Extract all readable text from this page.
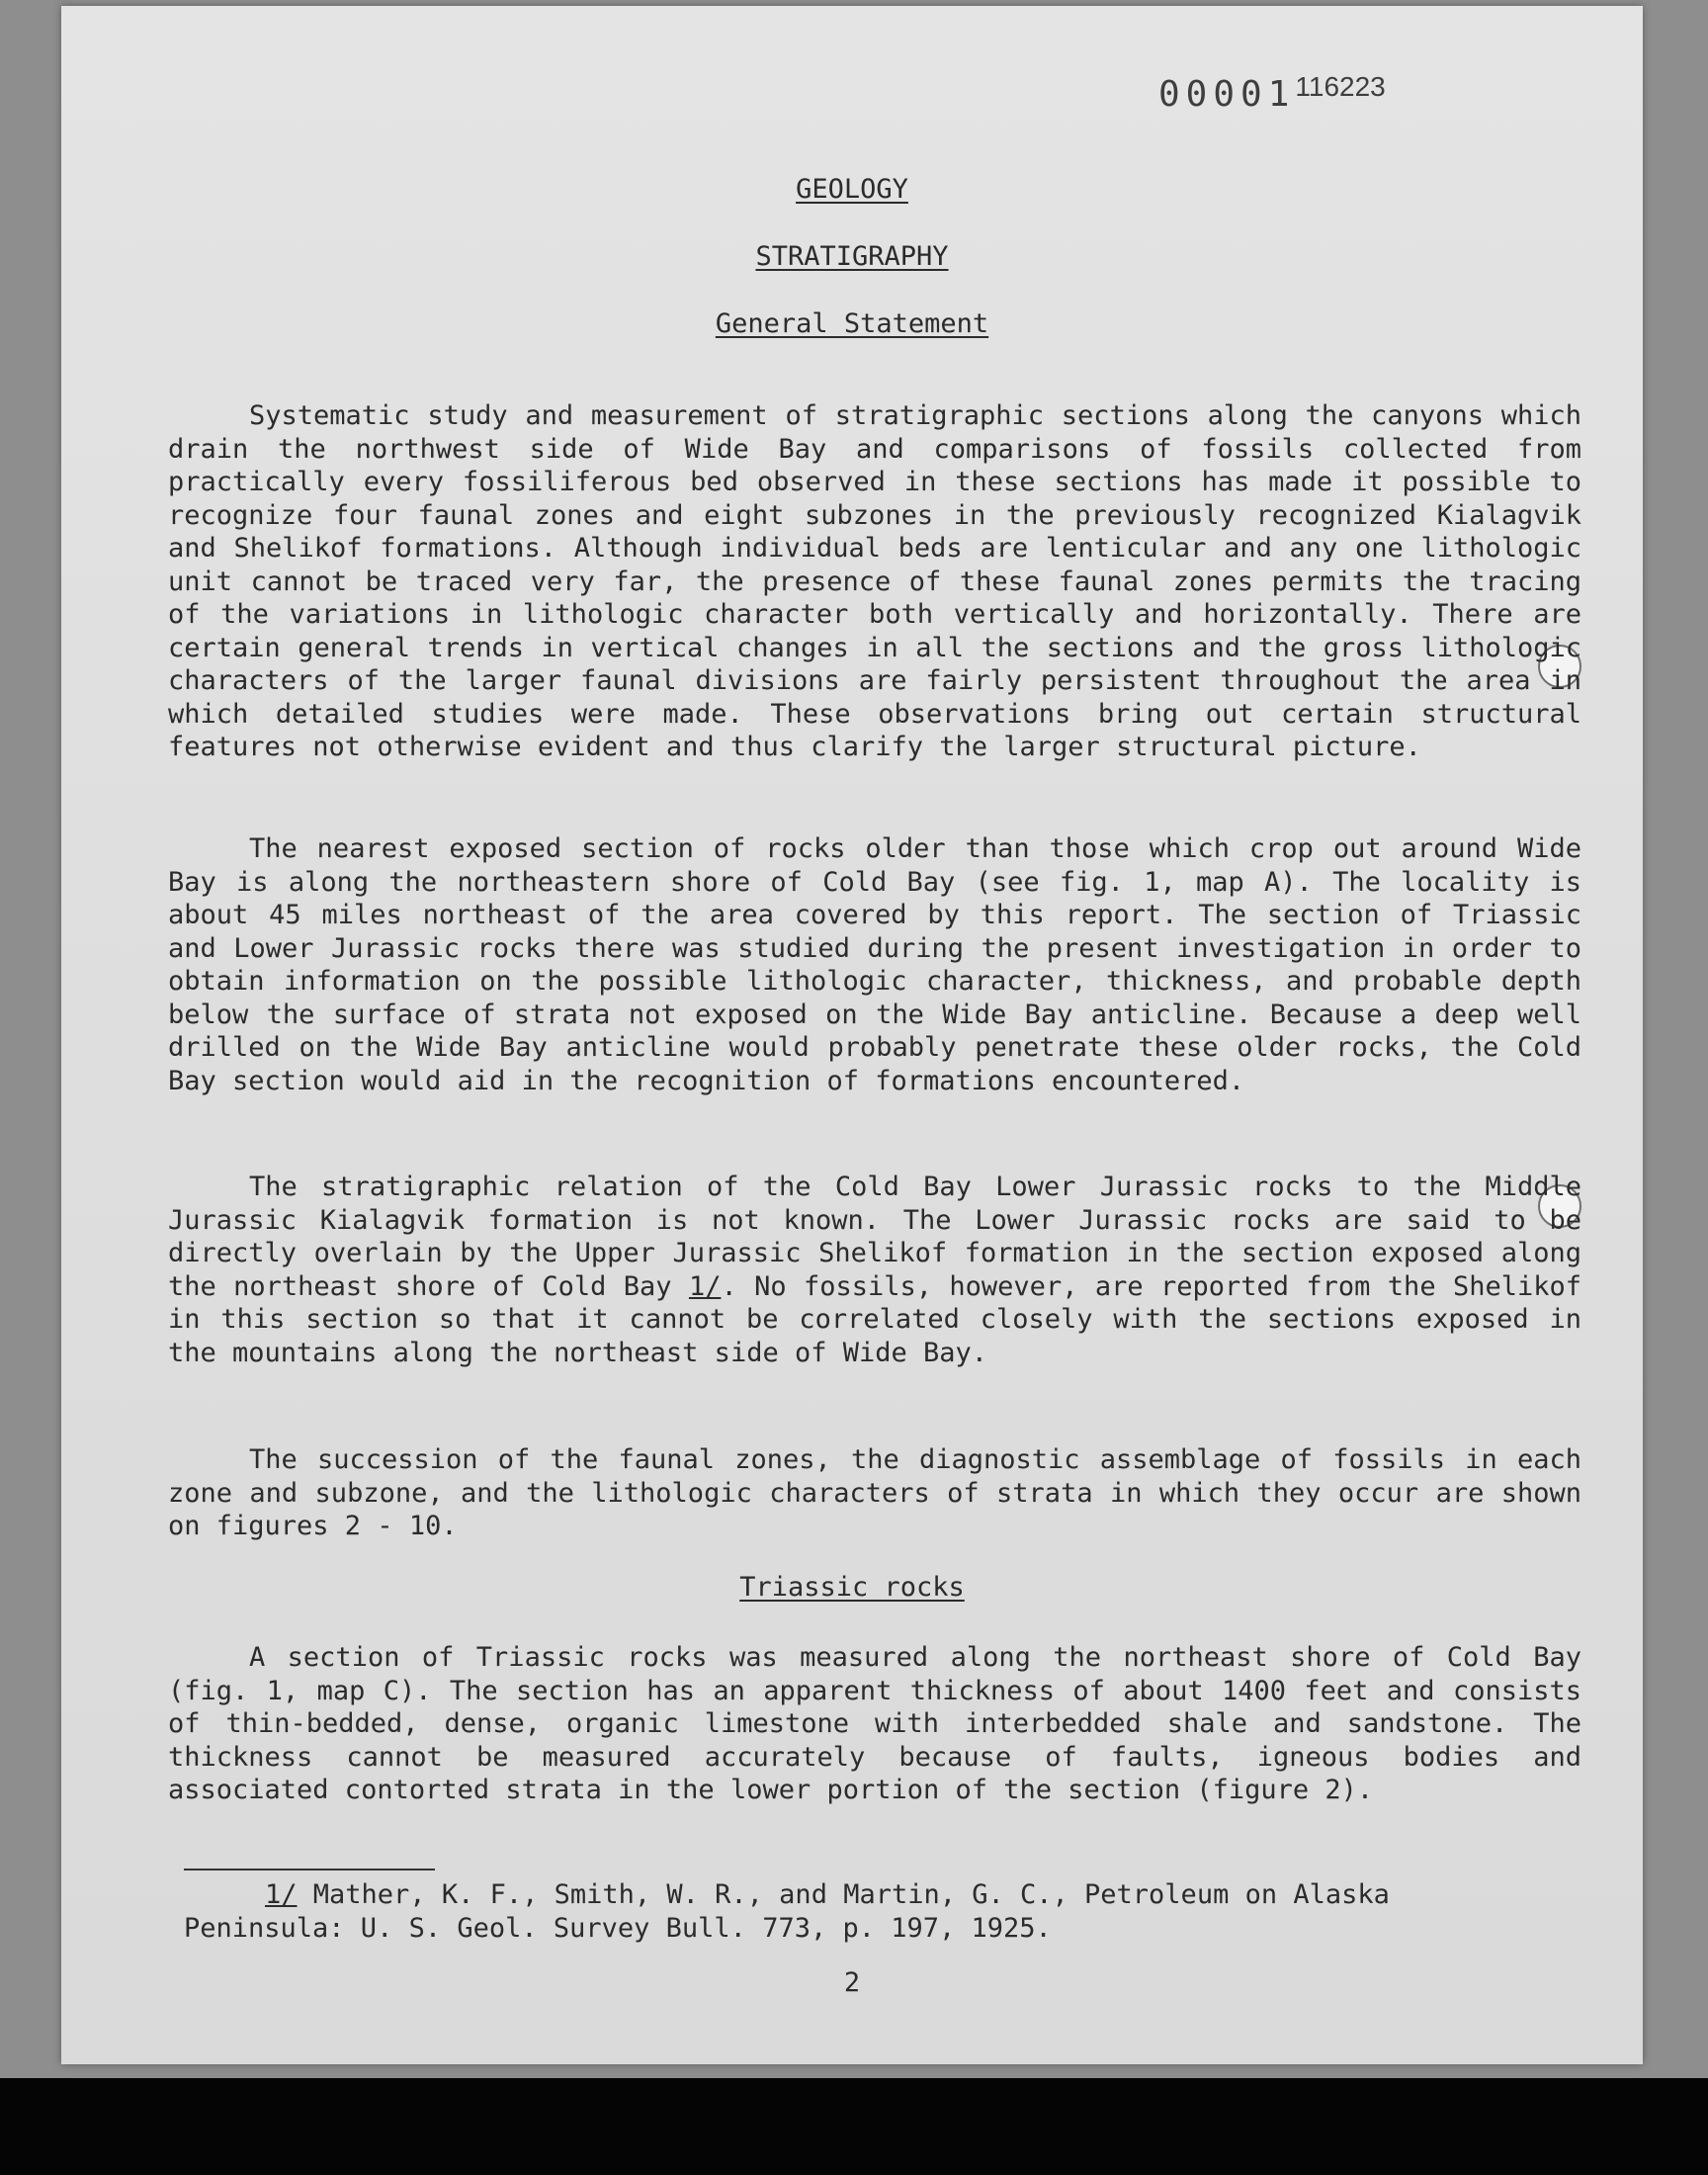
$00001^{116223}$
GEOLOGY
STRATIGRAPHY
General Statement

Systematic study and measurement of stratigraphic sections along the canyons which drain the northwest side of Wide Bay and comparisons of fossils collected from practically every fossiliferous bed observed in these sections has made it possible to recognize four faunal zones and eight subzones in the previously recognized Kialagvik and Shelikof formations. Although individual beds are lenticular and any one lithologic unit cannot be traced very far, the presence of these faunal zones permits the tracing of the variations in lithologic character both vertically and horizontally. There are certain general trends in vertical changes in all the sections and the gross lithologic characters of the larger faunal divisions are fairly persistent throughout the area in which detailed studies were made. These observations bring out certain structural features not otherwise evident and thus clarify the larger structural picture.

The nearest exposed section of rocks older than those which crop out around Wide Bay is along the northeastern shore of Cold Bay (see fig. 1, map A). The locality is about 45 miles northeast of the area covered by this report. The section of Triassic and Lower Jurassic rocks there was studied during the present investigation in order to obtain information on the possible lithologic character, thickness, and probable depth below the surface of strata not exposed on the Wide Bay anticline. Because a deep well drilled on the Wide Bay anticline would probably penetrate these older rocks, the Cold Bay section would aid in the recognition of formations encountered.

The stratigraphic relation of the Cold Bay Lower Jurassic rocks to the Middle Jurassic Kialagvik formation is not known. The Lower Jurassic rocks are said to be directly overlain by the Upper Jurassic Shelikof formation in the section exposed along the northeast shore of Cold Bay 1/. No fossils, however, are reported from the Shelikof in this section so that it cannot be correlated closely with the sections exposed in the mountains along the northeast side of Wide Bay.

The succession of the faunal zones, the diagnostic assemblage of fossils in each zone and subzone, and the lithologic characters of strata in which they occur are shown on figures 2 - 10.

Triassic rocks

A section of Triassic rocks was measured along the northeast shore of Cold Bay (fig. 1, map C). The section has an apparent thickness of about 1400 feet and consists of thin-bedded, dense, organic limestone with interbedded shale and sandstone. The thickness cannot be measured accurately because of faults, igneous bodies and associated contorted strata in the lower portion of the section (figure 2).

1/ Mather, K. F., Smith, W. R., and Martin, G. C., Petroleum on Alaska Peninsula: U. S. Geol. Survey Bull. 773, p. 197, 1925.

2
